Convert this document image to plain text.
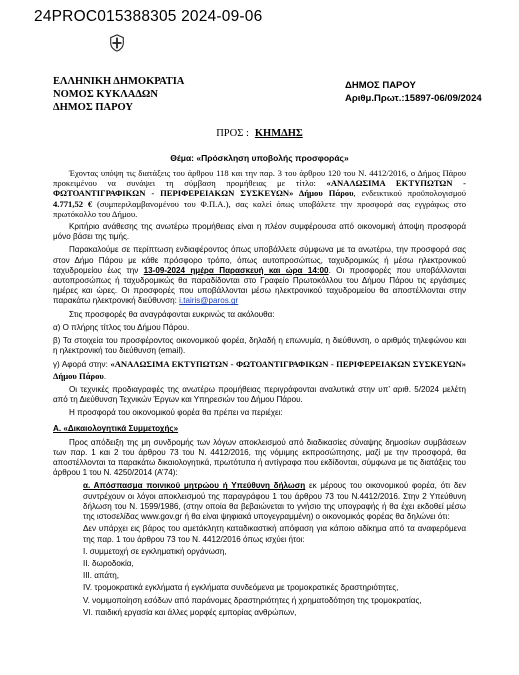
24PROC015388305 2024-09-06
ΕΛΛΗΝΙΚΗ ΔΗΜΟΚΡΑΤΙΑ
ΝΟΜΟΣ ΚΥΚΛΑΔΩΝ
ΔΗΜΟΣ ΠΑΡΟΥ
ΔΗΜΟΣ ΠΑΡΟΥ
Αριθμ.Πρωτ.:15897-06/09/2024
ΠΡΟΣ : ΚΗΜΔΗΣ
Θέμα: «Πρόσκληση υποβολής προσφοράς»

Έχοντας υπόψη τις διατάξεις του άρθρου 118 και την παρ. 3 του άρθρου 120 του Ν. 4412/2016, ο Δήμος Πάρου προκειμένου να συνάψει τη σύμβαση προμήθειας με τίτλο: «ΑΝΑΛΩΣΙΜΑ ΕΚΤΥΠΩΤΩΝ - ΦΩΤΟΑΝΤΙΓΡΑΦΙΚΩΝ - ΠΕΡΙΦΕΡΕΙΑΚΩΝ ΣΥΣΚΕΥΩΝ» Δήμου Πάρου, ενδεικτικού προϋπολογισμού 4.771,52 € (συμπεριλαμβανομένου του Φ.Π.Α.), σας καλεί όπως υποβάλετε την προσφορά σας εγγράφως στο πρωτόκολλο του Δήμου.

Κριτήριο ανάθεσης της ανωτέρω προμήθειας είναι η πλέον συμφέρουσα από οικονομική άποψη προσφορά μόνο βάσει της τιμής.

Παρακαλούμε σε περίπτωση ενδιαφέροντος όπως υποβάλλετε σύμφωνα με τα ανωτέρω, την προσφορά σας στον Δήμο Πάρου με κάθε πρόσφορο τρόπο, όπως αυτοπροσώπως, ταχυδρομικώς ή μέσω ηλεκτρονικού ταχυδρομείου έως την 13-09-2024 ημέρα Παρασκευή και ώρα 14:00. Οι προσφορές που υποβάλλονται αυτοπροσώπως ή ταχυδρομικώς θα παραδίδονται στο Γραφείο Πρωτοκόλλου του Δήμου Πάρου τις εργάσιμες ημέρες και ώρες. Οι προσφορές που υποβάλλονται μέσω ηλεκτρονικού ταχυδρομείου θα αποστέλλονται στην παρακάτω ηλεκτρονική διεύθυνση: i.tairis@paros.gr

Στις προσφορές θα αναγράφονται ευκρινώς τα ακόλουθα:

α) Ο πλήρης τίτλος του Δήμου Πάρου.

β) Τα στοιχεία του προσφέροντος οικονομικού φορέα, δηλαδή η επωνυμία, η διεύθυνση, ο αριθμός τηλεφώνου και η ηλεκτρονική του διεύθυνση (email).

γ) Αφορά στην: «ΑΝΑΛΩΣΙΜΑ ΕΚΤΥΠΩΤΩΝ - ΦΩΤΟΑΝΤΙΓΡΑΦΙΚΩΝ - ΠΕΡΙΦΕΡΕΙΑΚΩΝ ΣΥΣΚΕΥΩΝ» Δήμου Πάρου.

Οι τεχνικές προδιαγραφές της ανωτέρω προμήθειας περιγράφονται αναλυτικά στην υπ’ αριθ. 5/2024 μελέτη από τη Διεύθυνση Τεχνικών Έργων και Υπηρεσιών του Δήμου Πάρου.

Η προσφορά του οικονομικού φορέα θα πρέπει να περιέχει:

Α. «Δικαιολογητικά Συμμετοχής»

Προς απόδειξη της μη συνδρομής των λόγων αποκλεισμού από διαδικασίες σύναψης δημοσίων συμβάσεων των παρ. 1 και 2 του άρθρου 73 του Ν. 4412/2016, της νόμιμης εκπροσώπησης, μαζί με την προσφορά, θα αποστέλλονται τα παρακάτω δικαιολογητικά, πρωτότυπα ή αντίγραφα που εκδίδονται, σύμφωνα με τις διατάξεις του άρθρου 1 του Ν. 4250/2014 (Α’74):

α. Απόσπασμα ποινικού μητρώου ή Υπεύθυνη δήλωση εκ μέρους του οικονομικού φορέα, ότι δεν συντρέχουν οι λόγοι αποκλεισμού της παραγράφου 1 του άρθρου 73 του Ν.4412/2016. Στην 2 Υπεύθυνη δήλωση του Ν. 1599/1986, (στην οποία θα βεβαιώνεται το γνήσιο της υπογραφής ή θα έχει εκδοθεί μέσω της ιστοσελίδας www.gov.gr ή θα είναι ψηφιακά υπογεγραμμένη) ο οικονομικός φορέας θα δηλώνει ότι:

Δεν υπάρχει εις βάρος του αμετάκλητη καταδικαστική απόφαση για κάποιο αδίκημα από τα αναφερόμενα της παρ. 1 του άρθρου 73 του Ν. 4412/2016 όπως ισχύει ήτοι:

I. συμμετοχή σε εγκληματική οργάνωση,

II. δωροδοκία,

III. απάτη,

IV. τρομοκρατικά εγκλήματα ή εγκλήματα συνδεόμενα με τρομοκρατικές δραστηριότητες,

V. νομιμοποίηση εσόδων από παράνομες δραστηριότητες ή χρηματοδότηση της τρομοκρατίας,

VI. παιδική εργασία και άλλες μορφές εμπορίας ανθρώπων,
